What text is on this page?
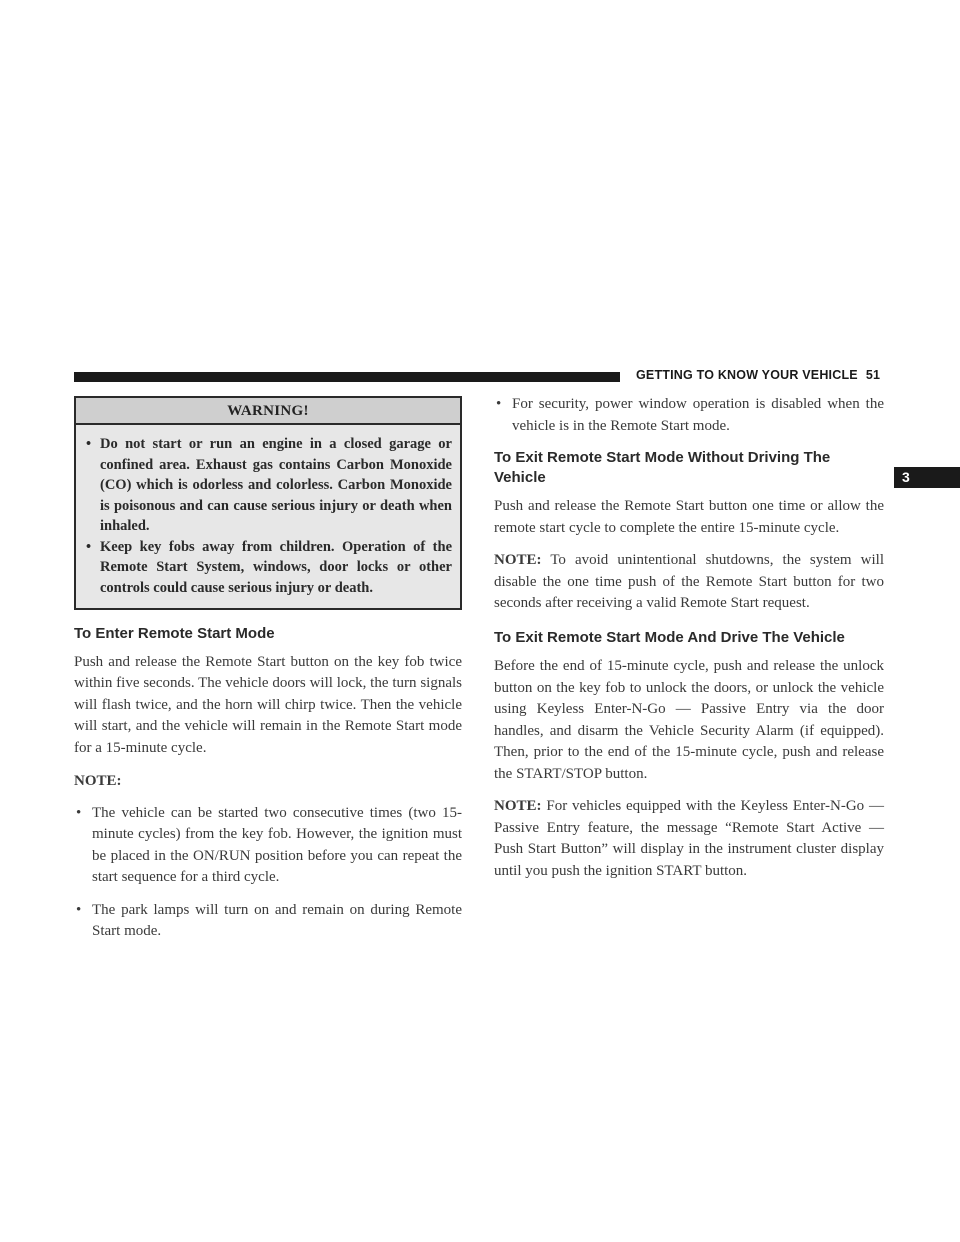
GETTING TO KNOW YOUR VEHICLE 51
3
WARNING!
• Do not start or run an engine in a closed garage or confined area. Exhaust gas contains Carbon Monoxide (CO) which is odorless and colorless. Carbon Monoxide is poisonous and can cause serious injury or death when inhaled.
• Keep key fobs away from children. Operation of the Remote Start System, windows, door locks or other controls could cause serious injury or death.
To Enter Remote Start Mode

Push and release the Remote Start button on the key fob twice within five seconds. The vehicle doors will lock, the turn signals will flash twice, and the horn will chirp twice. Then the vehicle will start, and the vehicle will remain in the Remote Start mode for a 15-minute cycle.

NOTE:

• The vehicle can be started two consecutive times (two 15-minute cycles) from the key fob. However, the ignition must be placed in the ON/RUN position before you can repeat the start sequence for a third cycle.
• The park lamps will turn on and remain on during Remote Start mode.
• For security, power window operation is disabled when the vehicle is in the Remote Start mode.
To Exit Remote Start Mode Without Driving The Vehicle

Push and release the Remote Start button one time or allow the remote start cycle to complete the entire 15-minute cycle.

NOTE: To avoid unintentional shutdowns, the system will disable the one time push of the Remote Start button for two seconds after receiving a valid Remote Start request.

To Exit Remote Start Mode And Drive The Vehicle

Before the end of 15-minute cycle, push and release the unlock button on the key fob to unlock the doors, or unlock the vehicle using Keyless Enter-N-Go — Passive Entry via the door handles, and disarm the Vehicle Security Alarm (if equipped). Then, prior to the end of the 15-minute cycle, push and release the START/STOP button.

NOTE: For vehicles equipped with the Keyless Enter-N-Go — Passive Entry feature, the message “Remote Start Active — Push Start Button” will display in the instrument cluster display until you push the ignition START button.
